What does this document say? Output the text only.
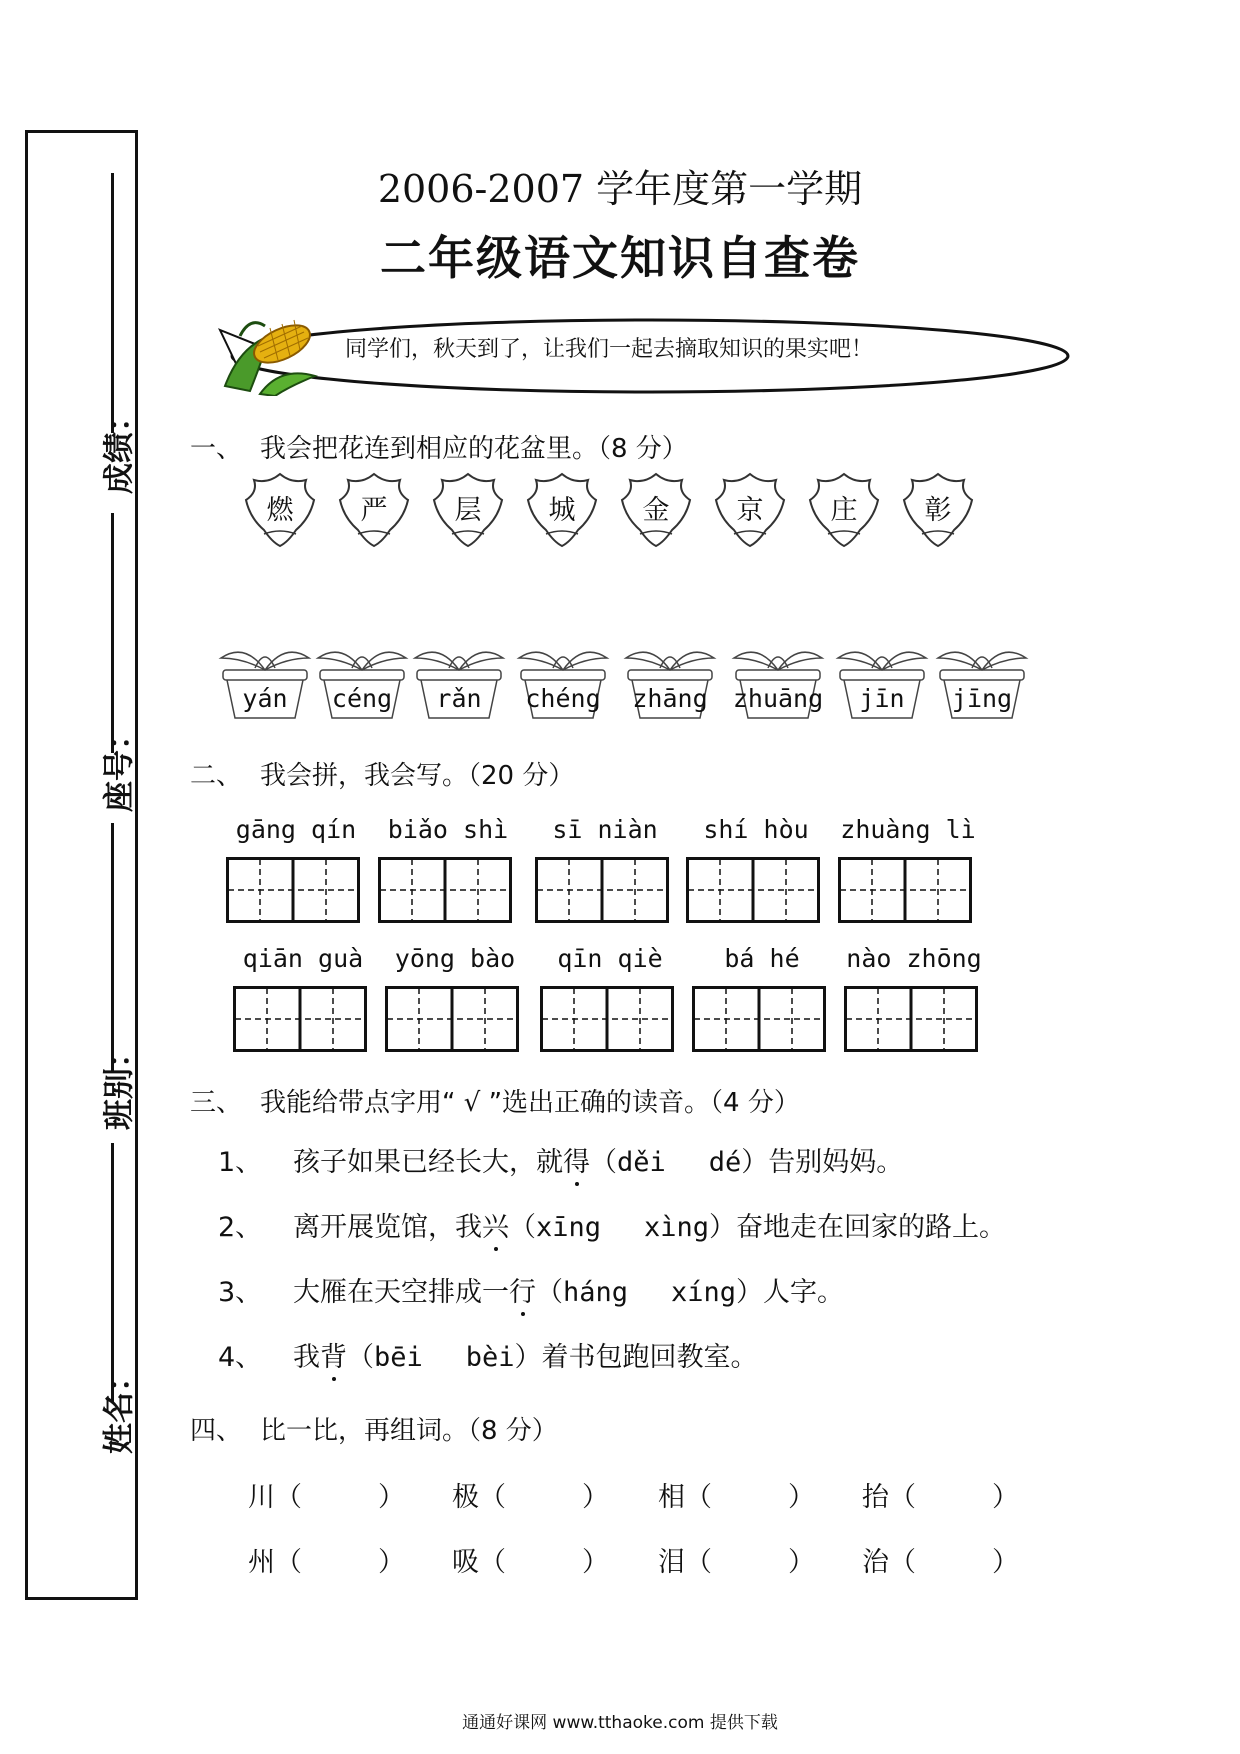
成绩：
座号：
班别：
姓名：
2006-2007 学年度第一学期
二年级语文知识自查卷
同学们，秋天到了，让我们一起去摘取知识的果实吧！
一、 我会把花连到相应的花盆里。（8 分）
燃	严	层	城	金	京	庄	彰
yán	céng	rǎn	chéng	zhāng	zhuāng	jīn	jīng
二、 我会拼，我会写。（20 分）
gāng qín	biǎo shì	sī niàn	shí hòu	zhuàng lì
qiān guà	yōng bào	qīn qiè	bá hé	nào zhōng
三、 我能给带点字用“ √ ”选出正确的读音。（4 分）
1、 孩子如果已经长大，就得（děi dé）告别妈妈。
2、 离开展览馆，我兴（xīng xìng）奋地走在回家的路上。
3、 大雁在天空排成一行（háng xíng）人字。
4、 我背（bēi bèi）着书包跑回教室。
四、 比一比，再组词。（8 分）
川 （ ）	极 （ ）	相 （ ）	抬（ ）
州 （ ）	吸 （ ）	泪 （ ）	治（ ）
通通好课网 www.tthaoke.com 提供下载
